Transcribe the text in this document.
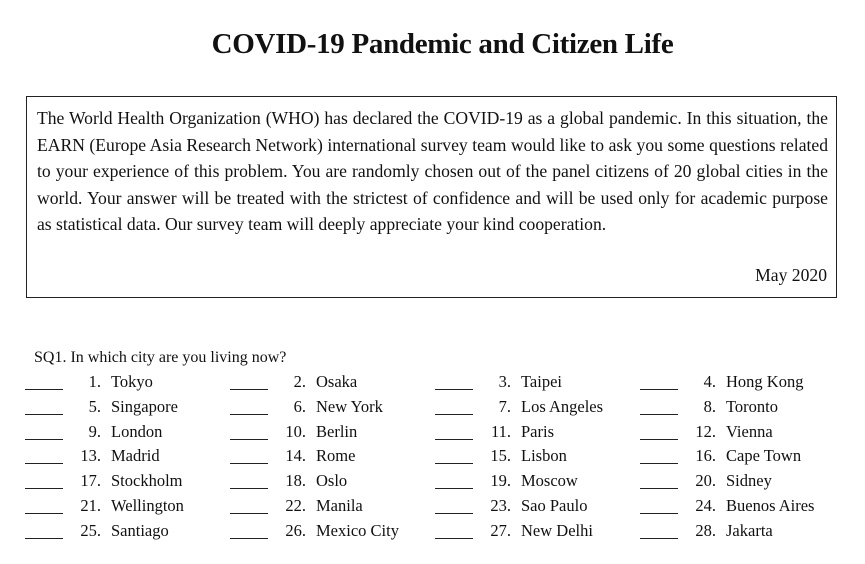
COVID-19 Pandemic and Citizen Life
The World Health Organization (WHO) has declared the COVID-19 as a global pandemic. In this situation, the EARN (Europe Asia Research Network) international survey team would like to ask you some questions related to your experience of this problem. You are randomly chosen out of the panel citizens of 20 global cities in the world. Your answer will be treated with the strictest of confidence and will be used only for academic purpose as statistical data. Our survey team will deeply appreciate your kind cooperation.
May 2020
SQ1. In which city are you living now?
1. Tokyo	2. Osaka	3. Taipei	4. Hong Kong
5. Singapore	6. New York	7. Los Angeles	8. Toronto
9. London	10. Berlin	11. Paris	12. Vienna
13. Madrid	14. Rome	15. Lisbon	16. Cape Town
17. Stockholm	18. Oslo	19. Moscow	20. Sidney
21. Wellington	22. Manila	23. Sao Paulo	24. Buenos Aires
25. Santiago	26. Mexico City	27. New Delhi	28. Jakarta
